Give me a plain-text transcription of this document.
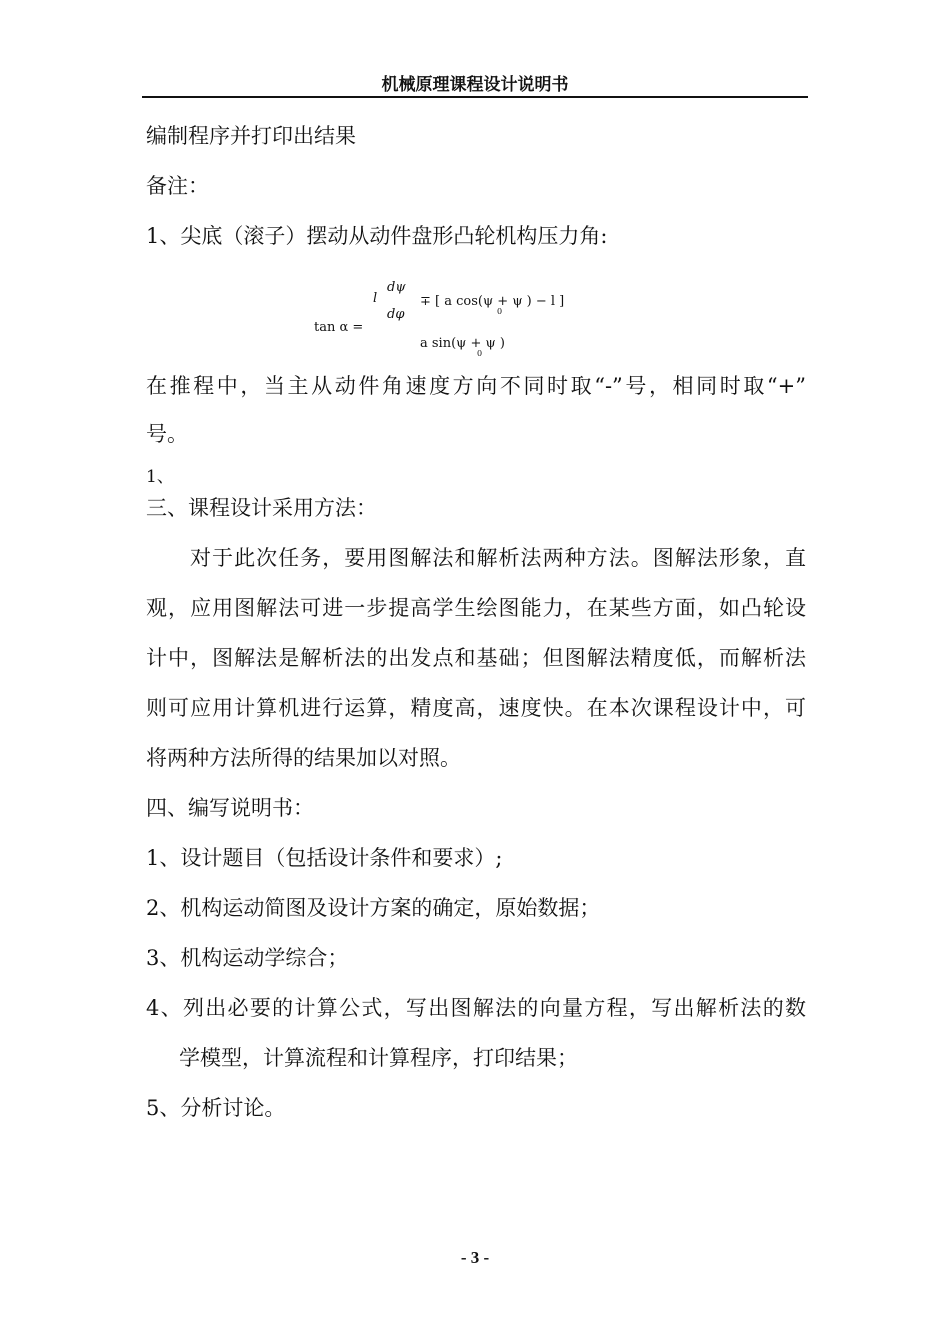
机械原理课程设计说明书
编制程序并打印出结果
备注：
1、尖底（滚子）摆动从动件盘形凸轮机构压力角:
tan α =
l
dψ
dφ
∓ [ a cos(ψ + ψ ) − l ]
0
a sin(ψ + ψ )
0
在推程中，当主从动件角速度方向不同时取“-”号，相同时取“+”
号。
1、
三、课程设计采用方法：
对于此次任务，要用图解法和解析法两种方法。图解法形象，直
观，应用图解法可进一步提高学生绘图能力，在某些方面，如凸轮设
计中，图解法是解析法的出发点和基础；但图解法精度低，而解析法
则可应用计算机进行运算，精度高，速度快。在本次课程设计中，可
将两种方法所得的结果加以对照。
四、编写说明书：
1、设计题目（包括设计条件和要求）;
2、机构运动简图及设计方案的确定，原始数据；
3、机构运动学综合；
4、列出必要的计算公式，写出图解法的向量方程，写出解析法的数
学模型，计算流程和计算程序，打印结果；
5、分析讨论。
- 3 -
